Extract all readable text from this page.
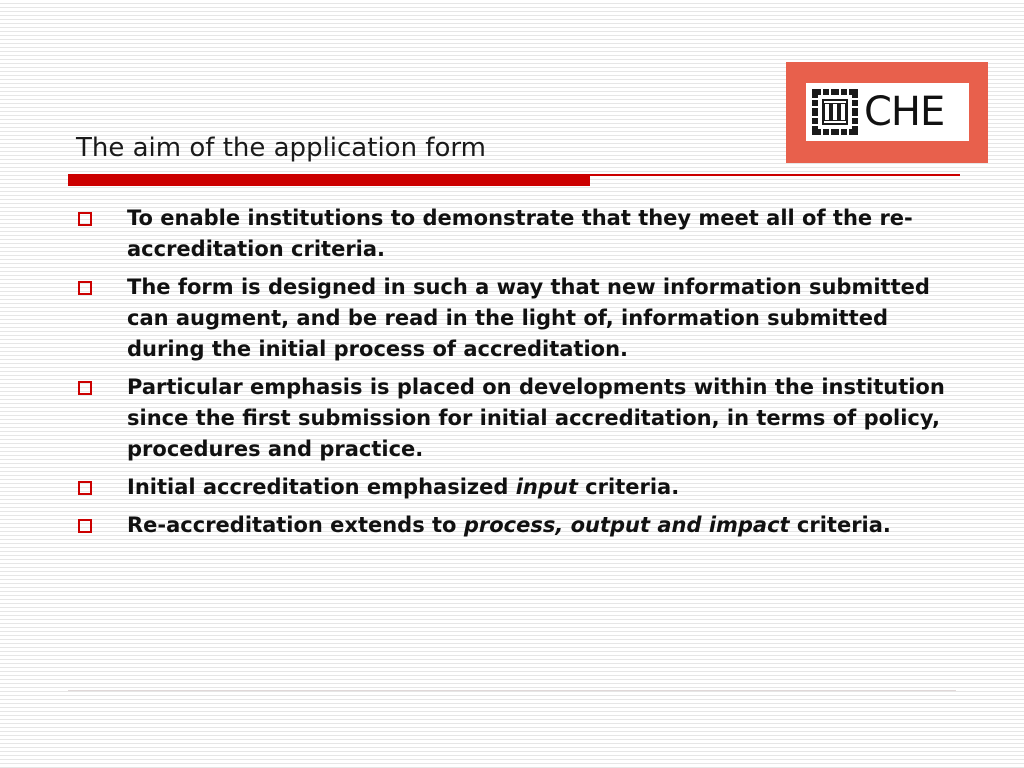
CHE
The aim of the application form
To enable institutions to demonstrate that they meet all of the re-accreditation criteria.
The form is designed in such a way that new information submitted can augment, and be read in the light of, information submitted during the initial process of accreditation.
Particular emphasis is placed on developments within the institution since the first submission for initial accreditation, in terms of policy, procedures and practice.
Initial accreditation emphasized input criteria.
Re-accreditation extends to process, output and impact criteria.
